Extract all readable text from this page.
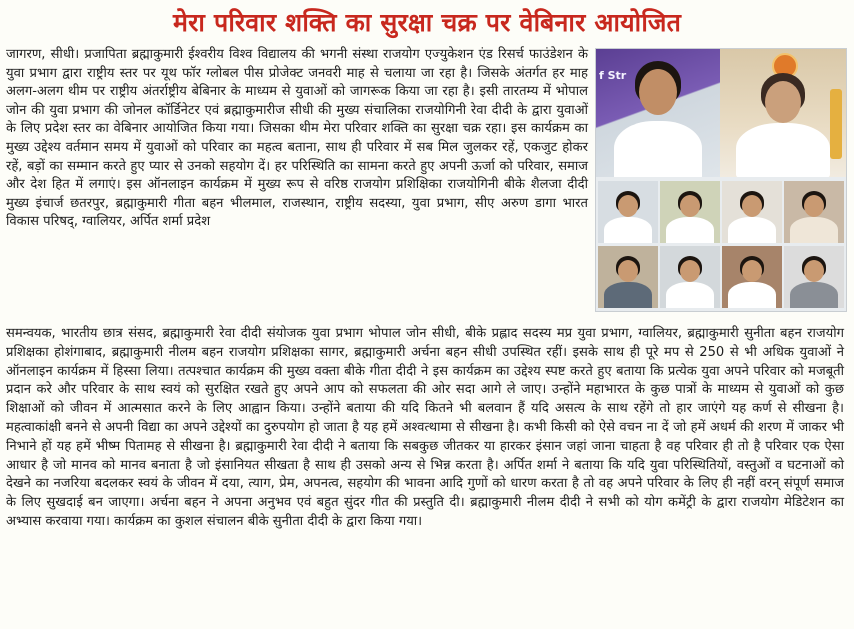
मेरा परिवार शक्ति का सुरक्षा चक्र पर वेबिनार आयोजित

जागरण, सीधी। प्रजापिता ब्रह्माकुमारी ईश्वरीय विश्व विद्यालय की भगनी संस्था राजयोग एज्युकेशन एंड रिसर्च फाउंडेशन के युवा प्रभाग द्वारा राष्ट्रीय स्तर पर यूथ फॉर ग्लोबल पीस प्रोजेक्ट जनवरी माह से चलाया जा रहा है। जिसके अंतर्गत हर माह अलग-अलग थीम पर राष्ट्रीय अंतर्राष्ट्रीय बेबिनार के माध्यम से युवाओं को जागरूक किया जा रहा है। इसी तारतम्य में भोपाल जोन की युवा प्रभाग की जोनल कॉर्डिनेटर एवं ब्रह्माकुमारीज सीधी की मुख्य संचालिका राजयोगिनी रेवा दीदी के द्वारा युवाओं के लिए प्रदेश स्तर का वेबिनार आयोजित किया गया। जिसका थीम मेरा परिवार शक्ति का सुरक्षा चक्र रहा। इस कार्यक्रम का मुख्य उद्देश्य वर्तमान समय में युवाओं को परिवार का महत्व बताना, साथ ही परिवार में सब मिल जुलकर रहें, एकजुट होकर रहें, बड़ों का सम्मान करते हुए प्यार से उनको सहयोग दें। हर परिस्थिति का सामना करते हुए अपनी ऊर्जा को परिवार, समाज और देश हित में लगाएं। इस ऑनलाइन कार्यक्रम में मुख्य रूप से वरिष्ठ राजयोग प्रशिक्षिका राजयोगिनी बीके शैलजा दीदी मुख्य इंचार्ज छतरपुर, ब्रह्माकुमारी गीता बहन भीलमाल, राजस्थान, राष्ट्रीय सदस्या, युवा प्रभाग, सीए अरुण डागा भारत विकास परिषद्, ग्वालियर, अर्पित शर्मा प्रदेश

f Str

समन्वयक, भारतीय छात्र संसद, ब्रह्माकुमारी रेवा दीदी संयोजक युवा प्रभाग भोपाल जोन सीधी, बीके प्रह्लाद सदस्य मप्र युवा प्रभाग, ग्वालियर, ब्रह्माकुमारी सुनीता बहन राजयोग प्रशिक्षका होशंगाबाद, ब्रह्माकुमारी नीलम बहन राजयोग प्रशिक्षका सागर, ब्रह्माकुमारी अर्चना बहन सीधी उपस्थित रहीं। इसके साथ ही पूरे मप से 250 से भी अधिक युवाओं ने ऑनलाइन कार्यक्रम में हिस्सा लिया। तत्पश्चात कार्यक्रम की मुख्य वक्ता बीके गीता दीदी ने इस कार्यक्रम का उद्देश्य स्पष्ट करते हुए बताया कि प्रत्येक युवा अपने परिवार को मजबूती प्रदान करे और परिवार के साथ स्वयं को सुरक्षित रखते हुए अपने आप को सफलता की ओर सदा आगे ले जाए। उन्होंने महाभारत के कुछ पात्रों के माध्यम से युवाओं को कुछ शिक्षाओं को जीवन में आत्मसात करने के लिए आह्वान किया। उन्होंने बताया की यदि कितने भी बलवान हैं यदि असत्य के साथ रहेंगे तो हार जाएंगे यह कर्ण से सीखना है। महत्वाकांक्षी बनने से अपनी विद्या का अपने उद्देश्यों का दुरुपयोग हो जाता है यह हमें अश्वत्थामा से सीखना है। कभी किसी को ऐसे वचन ना दें जो हमें अधर्म की शरण में जाकर भी निभाने हों यह हमें भीष्म पितामह से सीखना है। ब्रह्माकुमारी रेवा दीदी ने बताया कि सबकुछ जीतकर या हारकर इंसान जहां जाना चाहता है वह परिवार ही तो है परिवार एक ऐसा आधार है जो मानव को मानव बनाता है जो इंसानियत सीखता है साथ ही उसको अन्य से भिन्न करता है। अर्पित शर्मा ने बताया कि यदि युवा परिस्थितियों, वस्तुओं व घटनाओं को देखने का नजरिया बदलकर स्वयं के जीवन में दया, त्याग, प्रेम, अपनत्व, सहयोग की भावना आदि गुणों को धारण करता है तो वह अपने परिवार के लिए ही नहीं वरन् संपूर्ण समाज के लिए सुखदाई बन जाएगा। अर्चना बहन ने अपना अनुभव एवं बहुत सुंदर गीत की प्रस्तुति दी। ब्रह्माकुमारी नीलम दीदी ने सभी को योग कमेंट्री के द्वारा राजयोग मेडिटेशन का अभ्यास करवाया गया। कार्यक्रम का कुशल संचालन बीके सुनीता दीदी के द्वारा किया गया।
